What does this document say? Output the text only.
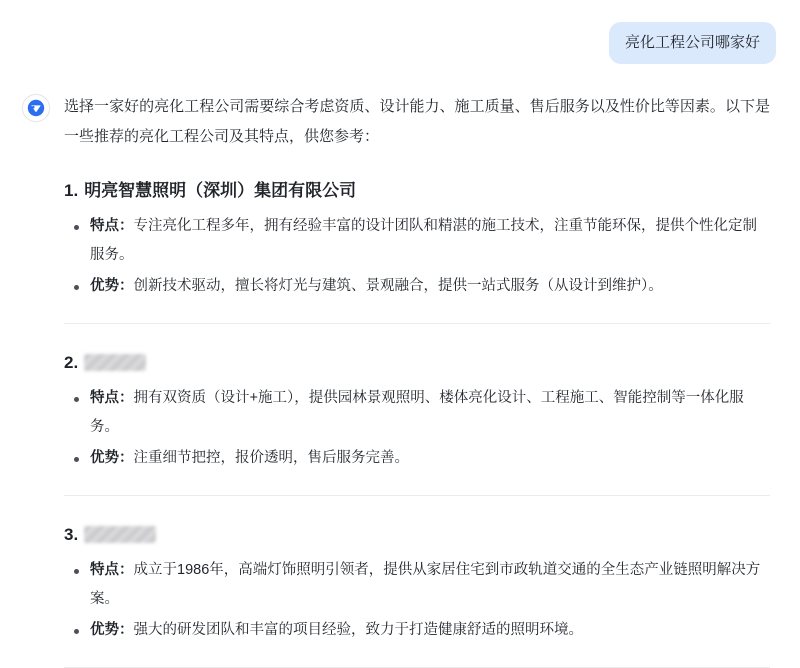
亮化工程公司哪家好

选择一家好的亮化工程公司需要综合考虑资质、设计能力、施工质量、售后服务以及性价比等因素。以下是一些推荐的亮化工程公司及其特点，供您参考：

1. 明亮智慧照明（深圳）集团有限公司
特点：专注亮化工程多年，拥有经验丰富的设计团队和精湛的施工技术，注重节能环保，提供个性化定制服务。
优势：创新技术驱动，擅长将灯光与建筑、景观融合，提供一站式服务（从设计到维护）。
2.
特点：拥有双资质（设计+施工），提供园林景观照明、楼体亮化设计、工程施工、智能控制等一体化服务。
优势：注重细节把控，报价透明，售后服务完善。
3.
特点：成立于1986年，高端灯饰照明引领者，提供从家居住宅到市政轨道交通的全生态产业链照明解决方案。
优势：强大的研发团队和丰富的项目经验，致力于打造健康舒适的照明环境。
